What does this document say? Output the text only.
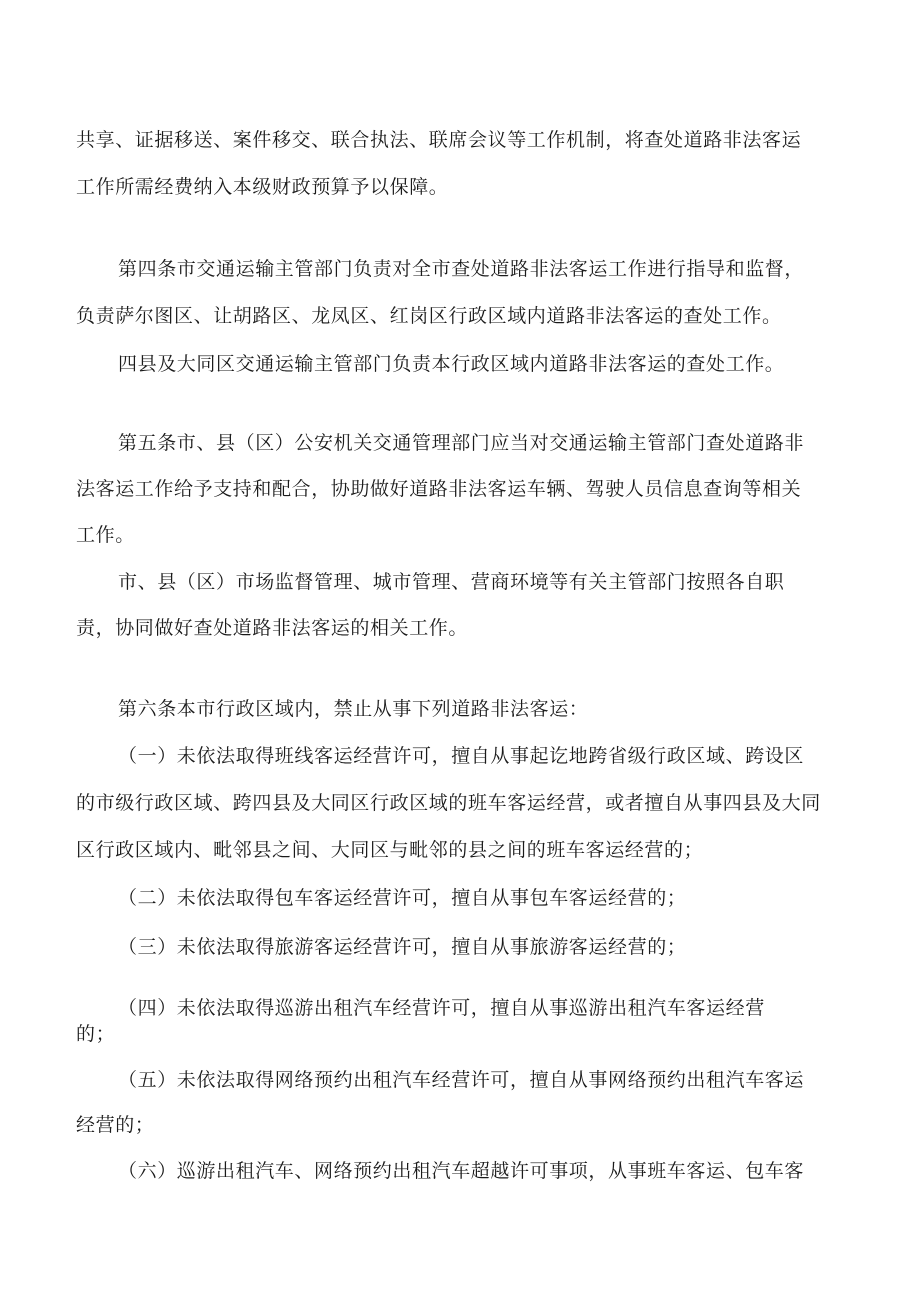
共享、证据移送、案件移交、联合执法、联席会议等工作机制，将查处道路非法客运
工作所需经费纳入本级财政预算予以保障。
第四条市交通运输主管部门负责对全市查处道路非法客运工作进行指导和监督，
负责萨尔图区、让胡路区、龙凤区、红岗区行政区域内道路非法客运的查处工作。
四县及大同区交通运输主管部门负责本行政区域内道路非法客运的查处工作。
第五条市、县（区）公安机关交通管理部门应当对交通运输主管部门查处道路非
法客运工作给予支持和配合，协助做好道路非法客运车辆、驾驶人员信息查询等相关
工作。
市、县（区）市场监督管理、城市管理、营商环境等有关主管部门按照各自职
责，协同做好查处道路非法客运的相关工作。
第六条本市行政区域内，禁止从事下列道路非法客运：
（一）未依法取得班线客运经营许可，擅自从事起讫地跨省级行政区域、跨设区
的市级行政区域、跨四县及大同区行政区域的班车客运经营，或者擅自从事四县及大同
区行政区域内、毗邻县之间、大同区与毗邻的县之间的班车客运经营的；
（二）未依法取得包车客运经营许可，擅自从事包车客运经营的；
（三）未依法取得旅游客运经营许可，擅自从事旅游客运经营的；
（四）未依法取得巡游出租汽车经营许可，擅自从事巡游出租汽车客运经营
的；
（五）未依法取得网络预约出租汽车经营许可，擅自从事网络预约出租汽车客运
经营的；
（六）巡游出租汽车、网络预约出租汽车超越许可事项，从事班车客运、包车客
